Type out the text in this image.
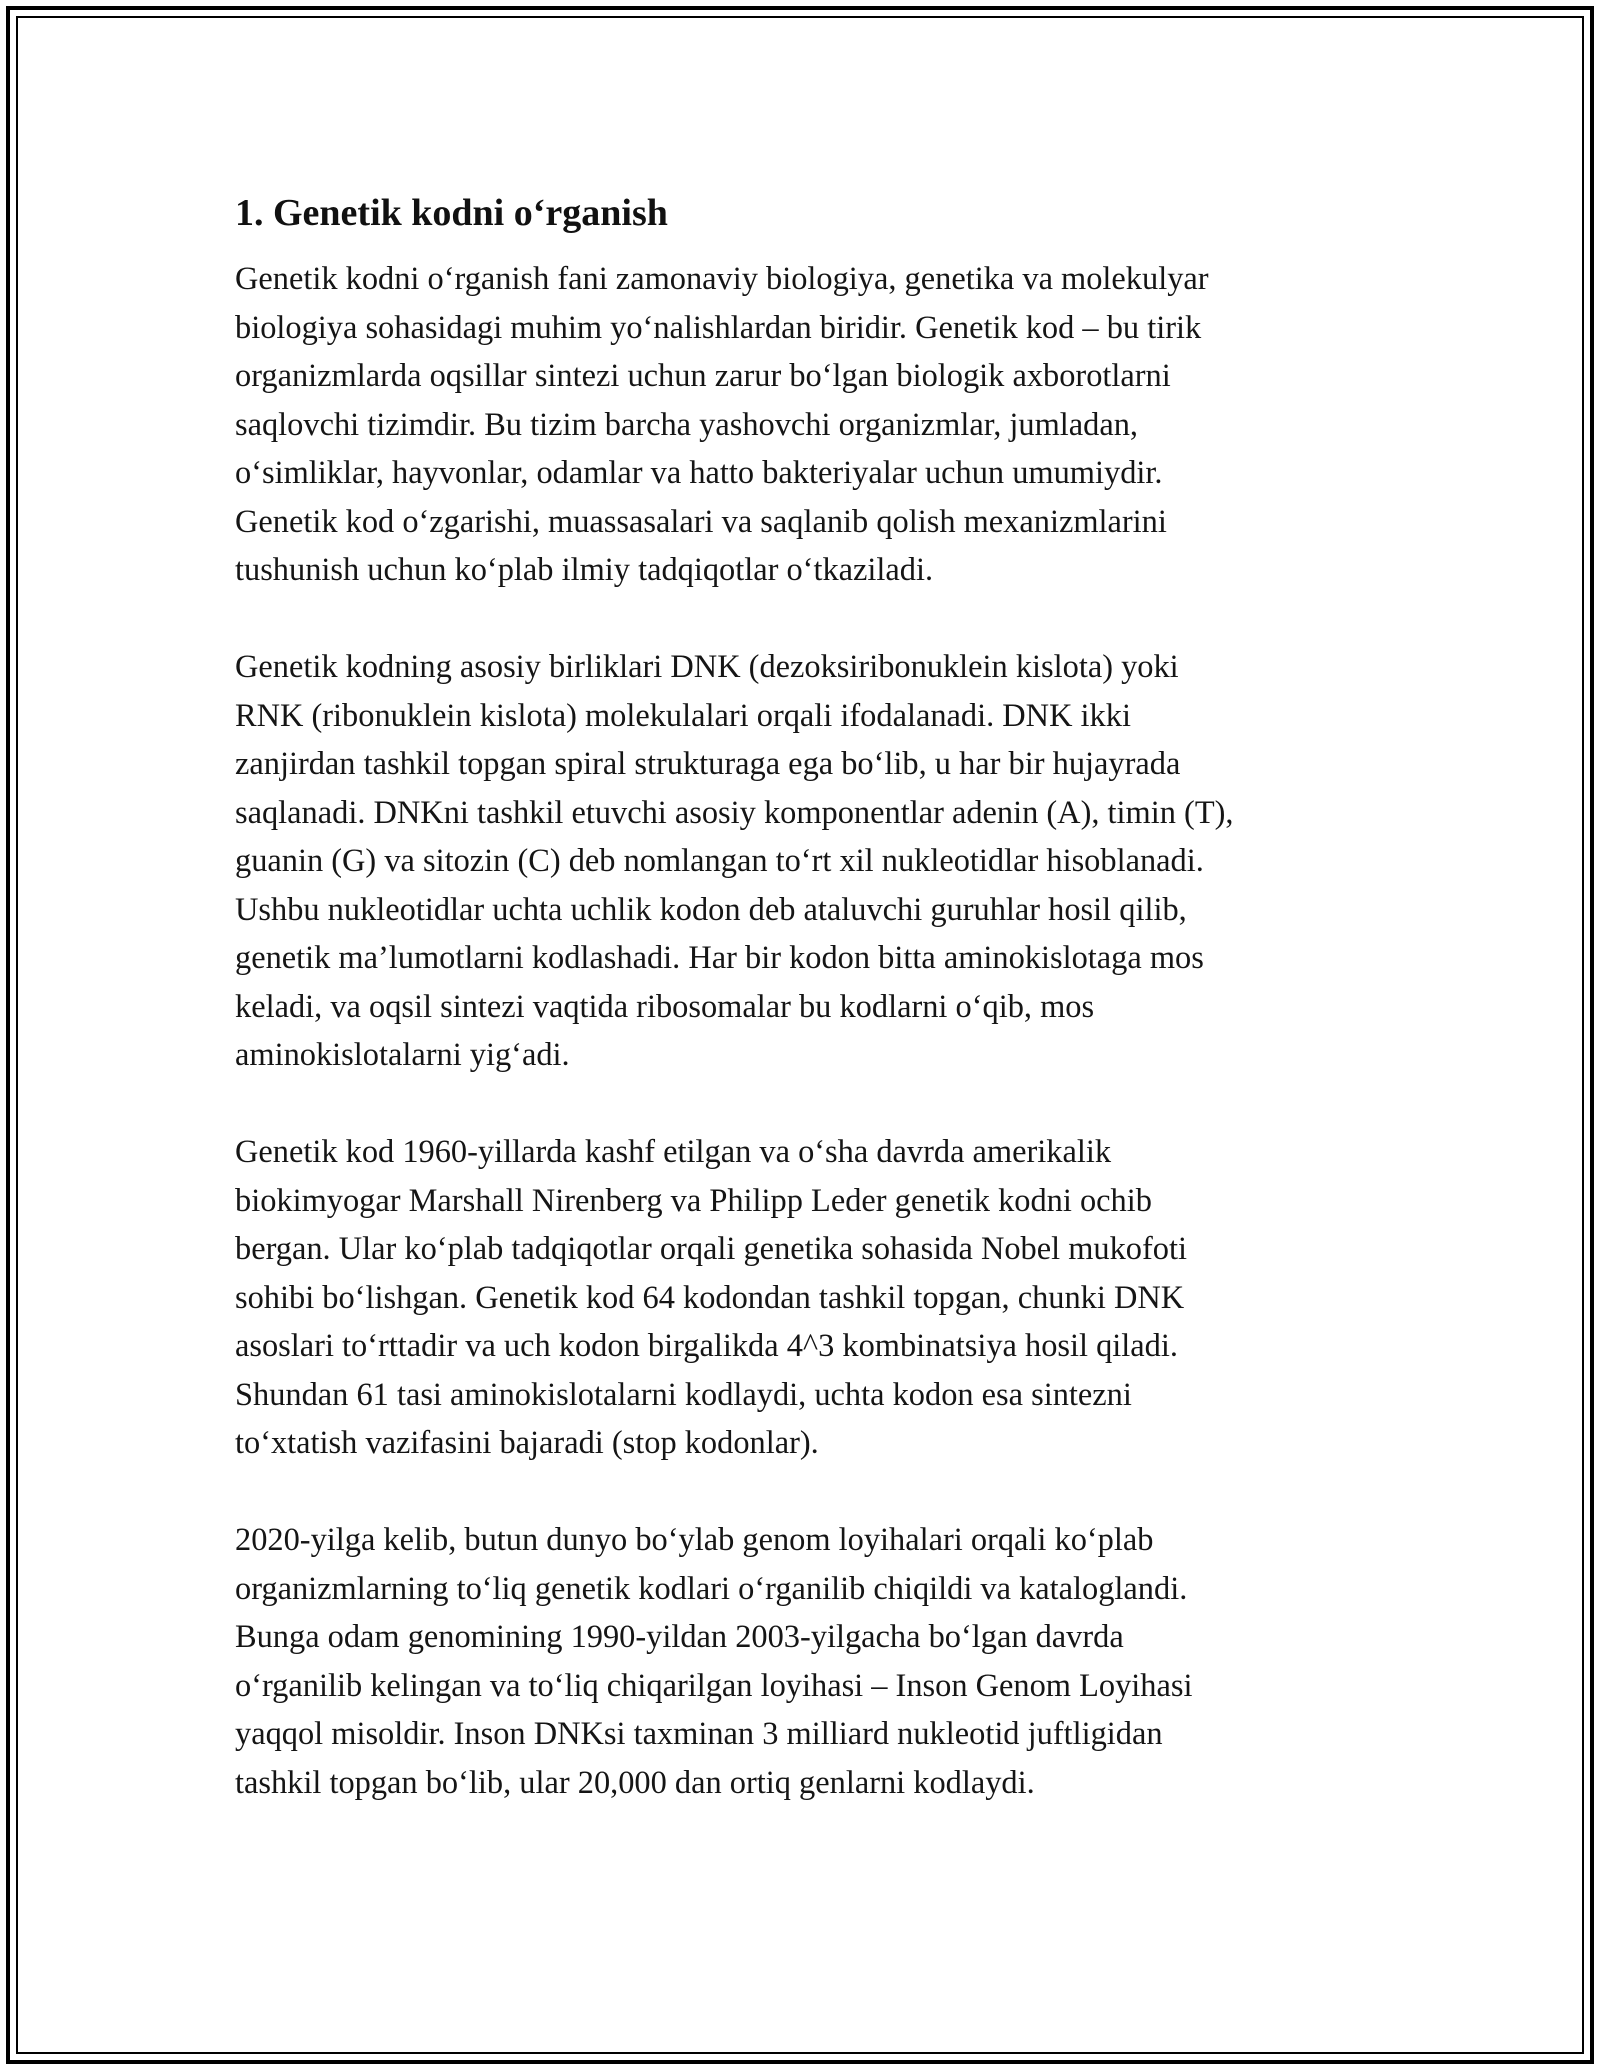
1. Genetik kodni o‘rganish

Genetik kodni o‘rganish fani zamonaviy biologiya, genetika va molekulyar
biologiya sohasidagi muhim yo‘nalishlardan biridir. Genetik kod – bu tirik
organizmlarda oqsillar sintezi uchun zarur bo‘lgan biologik axborotlarni
saqlovchi tizimdir. Bu tizim barcha yashovchi organizmlar, jumladan,
o‘simliklar, hayvonlar, odamlar va hatto bakteriyalar uchun umumiydir.
Genetik kod o‘zgarishi, muassasalari va saqlanib qolish mexanizmlarini
tushunish uchun ko‘plab ilmiy tadqiqotlar o‘tkaziladi.

Genetik kodning asosiy birliklari DNK (dezoksiribonuklein kislota) yoki
RNK (ribonuklein kislota) molekulalari orqali ifodalanadi. DNK ikki
zanjirdan tashkil topgan spiral strukturaga ega bo‘lib, u har bir hujayrada
saqlanadi. DNKni tashkil etuvchi asosiy komponentlar adenin (A), timin (T),
guanin (G) va sitozin (C) deb nomlangan to‘rt xil nukleotidlar hisoblanadi.
Ushbu nukleotidlar uchta uchlik kodon deb ataluvchi guruhlar hosil qilib,
genetik ma’lumotlarni kodlashadi. Har bir kodon bitta aminokislotaga mos
keladi, va oqsil sintezi vaqtida ribosomalar bu kodlarni o‘qib, mos
aminokislotalarni yig‘adi.

Genetik kod 1960-yillarda kashf etilgan va o‘sha davrda amerikalik
biokimyogar Marshall Nirenberg va Philipp Leder genetik kodni ochib
bergan. Ular ko‘plab tadqiqotlar orqali genetika sohasida Nobel mukofoti
sohibi bo‘lishgan. Genetik kod 64 kodondan tashkil topgan, chunki DNK
asoslari to‘rttadir va uch kodon birgalikda 4^3 kombinatsiya hosil qiladi.
Shundan 61 tasi aminokislotalarni kodlaydi, uchta kodon esa sintezni
to‘xtatish vazifasini bajaradi (stop kodonlar).

2020-yilga kelib, butun dunyo bo‘ylab genom loyihalari orqali ko‘plab
organizmlarning to‘liq genetik kodlari o‘rganilib chiqildi va kataloglandi.
Bunga odam genomining 1990-yildan 2003-yilgacha bo‘lgan davrda
o‘rganilib kelingan va to‘liq chiqarilgan loyihasi – Inson Genom Loyihasi
yaqqol misoldir. Inson DNKsi taxminan 3 milliard nukleotid juftligidan
tashkil topgan bo‘lib, ular 20,000 dan ortiq genlarni kodlaydi.
